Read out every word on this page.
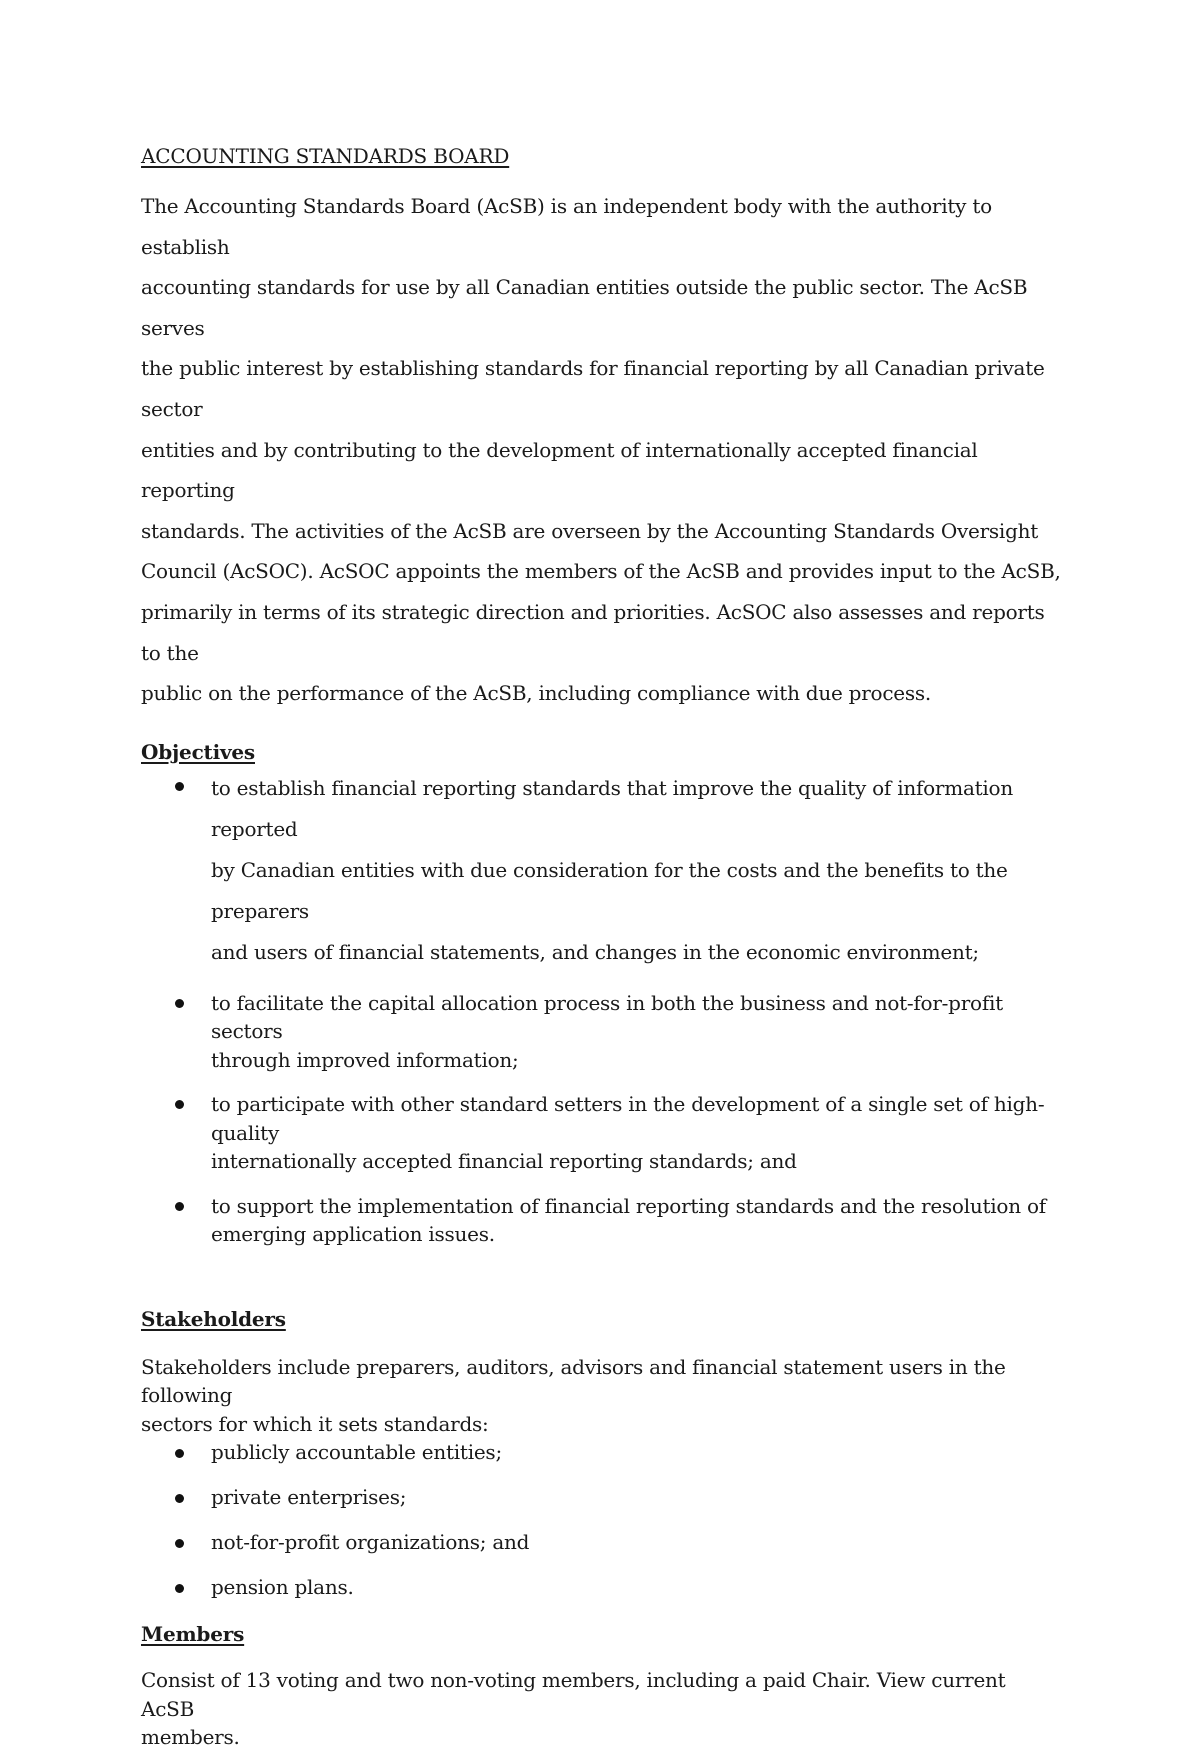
ACCOUNTING STANDARDS BOARD

The Accounting Standards Board (AcSB) is an independent body with the authority to establish
accounting standards for use by all Canadian entities outside the public sector. The AcSB serves
the public interest by establishing standards for financial reporting by all Canadian private sector
entities and by contributing to the development of internationally accepted financial reporting
standards. The activities of the AcSB are overseen by the Accounting Standards Oversight
Council (AcSOC). AcSOC appoints the members of the AcSB and provides input to the AcSB,
primarily in terms of its strategic direction and priorities. AcSOC also assesses and reports to the
public on the performance of the AcSB, including compliance with due process.

Objectives
to establish financial reporting standards that improve the quality of information reported
by Canadian entities with due consideration for the costs and the benefits to the preparers
and users of financial statements, and changes in the economic environment;
to facilitate the capital allocation process in both the business and not-for-profit sectors
through improved information;
to participate with other standard setters in the development of a single set of high-quality
internationally accepted financial reporting standards; and
to support the implementation of financial reporting standards and the resolution of
emerging application issues.
Stakeholders

Stakeholders include preparers, auditors, advisors and financial statement users in the following
sectors for which it sets standards:

publicly accountable entities;
private enterprises;
not-for-profit organizations; and
pension plans.
Members

Consist of 13 voting and two non-voting members, including a paid Chair. View current AcSB
members.
